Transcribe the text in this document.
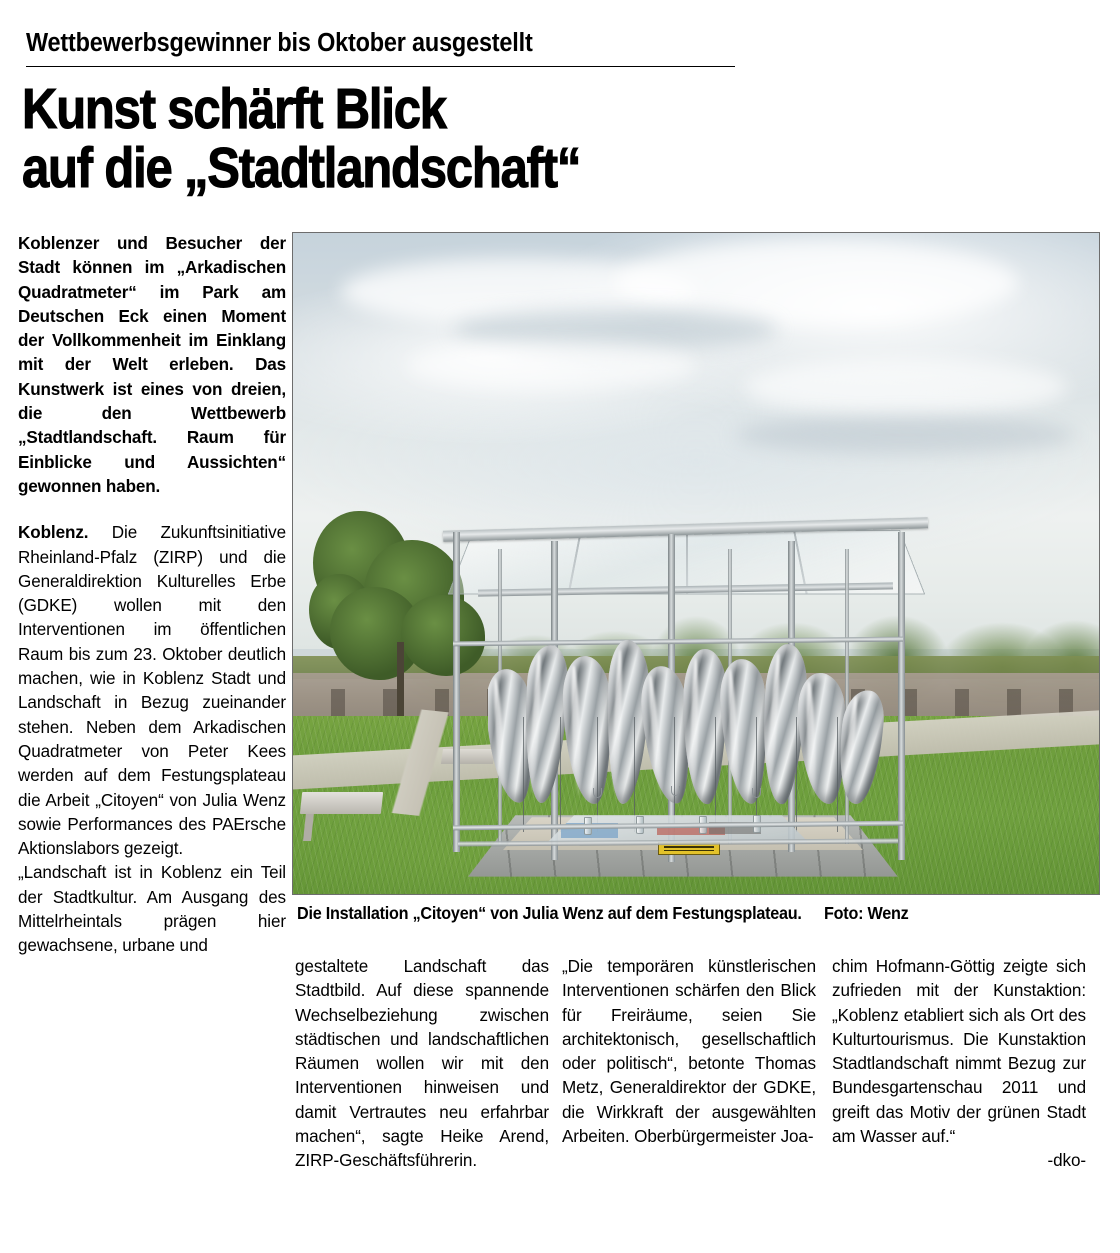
Wettbewerbsgewinner bis Oktober ausgestellt
Kunst schärft Blick
auf die „Stadtlandschaft“

Koblenzer und Besucher der Stadt können im „Arkadischen Quadratmeter“ im Park am Deutschen Eck einen Moment der Vollkommenheit im Einklang mit der Welt erleben. Das Kunstwerk ist eines von dreien, die den Wettbewerb „Stadtlandschaft. Raum für Einblicke und Aussichten“ gewonnen haben.

Koblenz. Die Zukunftsinitiative Rheinland-Pfalz (ZIRP) und die Generaldirektion Kulturelles Erbe (GDKE) wollen mit den Interventionen im öffentlichen Raum bis zum 23. Oktober deutlich machen, wie in Koblenz Stadt und Landschaft in Bezug zueinander stehen. Neben dem Arkadischen Quadratmeter von Peter Kees werden auf dem Festungsplateau die Arbeit „Citoyen“ von Julia Wenz sowie Performances des PAErsche Aktionslabors gezeigt.

„Landschaft ist in Koblenz ein Teil der Stadtkultur. Am Ausgang des Mittelrheintals prägen hier gewachsene, urbane und

Die Installation „Citoyen“ von Julia Wenz auf dem Festungsplateau. Foto: Wenz

gestaltete Landschaft das Stadtbild. Auf diese spannende Wechselbeziehung zwischen städtischen und landschaftlichen Räumen wollen wir mit den Interventionen hinweisen und damit Vertrautes neu erfahrbar machen“, sagte Heike Arend, ZIRP-Geschäftsführerin.

„Die temporären künstlerischen Interventionen schärfen den Blick für Freiräume, seien Sie architektonisch, gesellschaftlich oder politisch“, betonte Thomas Metz, Generaldirektor der GDKE, die Wirkkraft der ausgewählten Arbeiten. Oberbürgermeister Joa-

chim Hofmann-Göttig zeigte sich zufrieden mit der Kunstaktion: „Koblenz etabliert sich als Ort des Kulturtourismus. Die Kunstaktion Stadtlandschaft nimmt Bezug zur Bundesgartenschau 2011 und greift das Motiv der grünen Stadt am Wasser auf.“

-dko-
